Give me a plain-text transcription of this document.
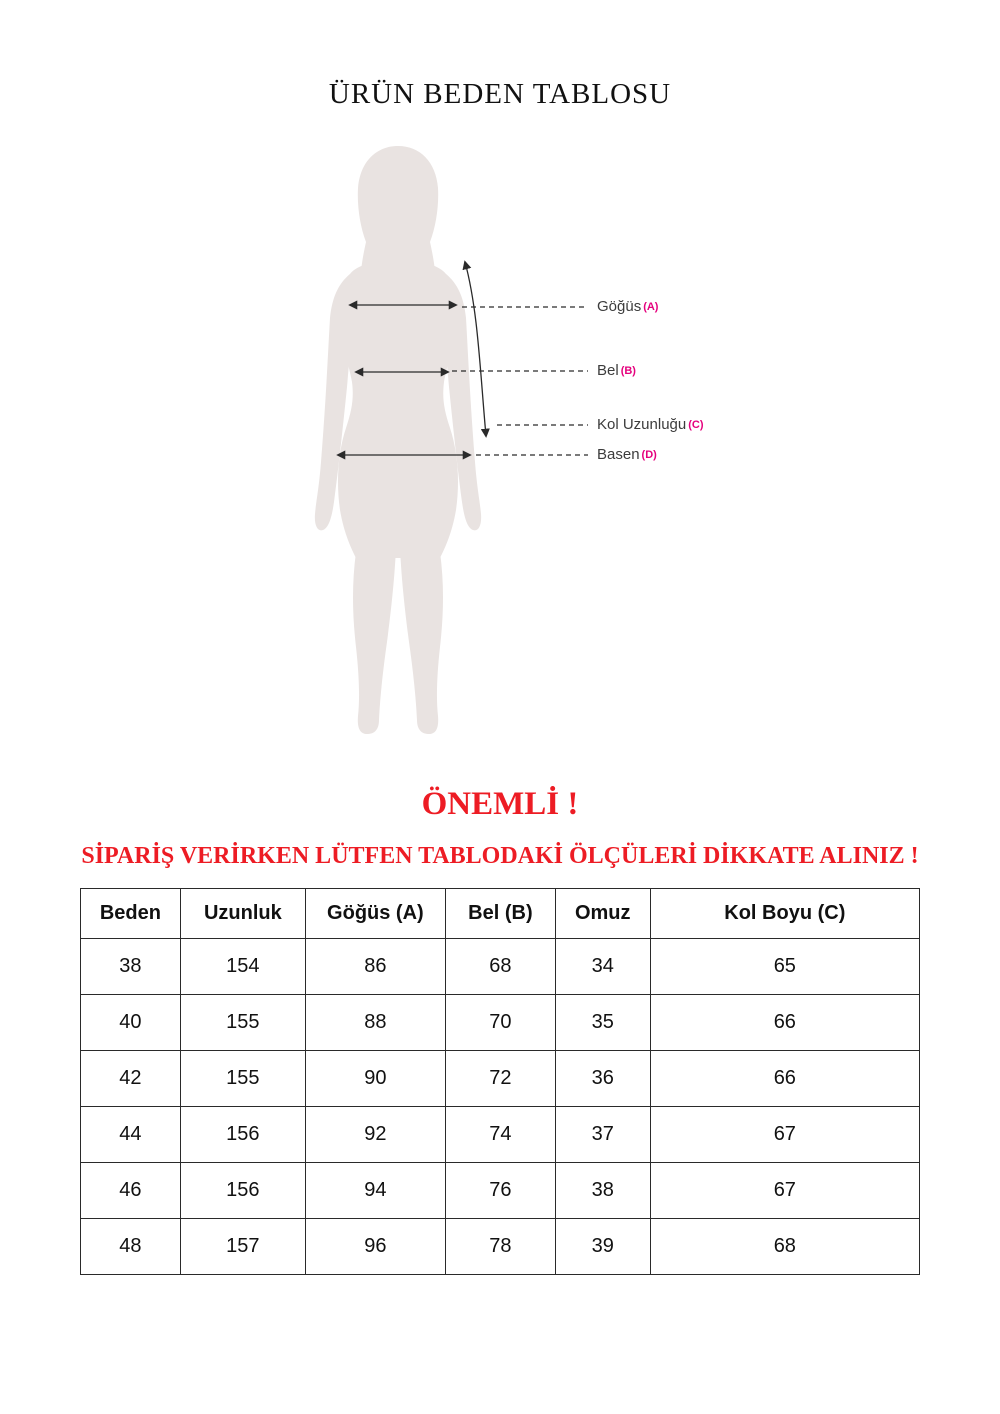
ÜRÜN BEDEN TABLOSU
Göğüs (A)
Bel (B)
Kol Uzunluğu (C)
Basen (D)
ÖNEMLİ !
SİPARİŞ VERİRKEN LÜTFEN TABLODAKİ ÖLÇÜLERİ DİKKATE ALINIZ !
Beden	Uzunluk	Göğüs (A)	Bel (B)	Omuz	Kol Boyu (C)
38	154	86	68	34	65
40	155	88	70	35	66
42	155	90	72	36	66
44	156	92	74	37	67
46	156	94	76	38	67
48	157	96	78	39	68
